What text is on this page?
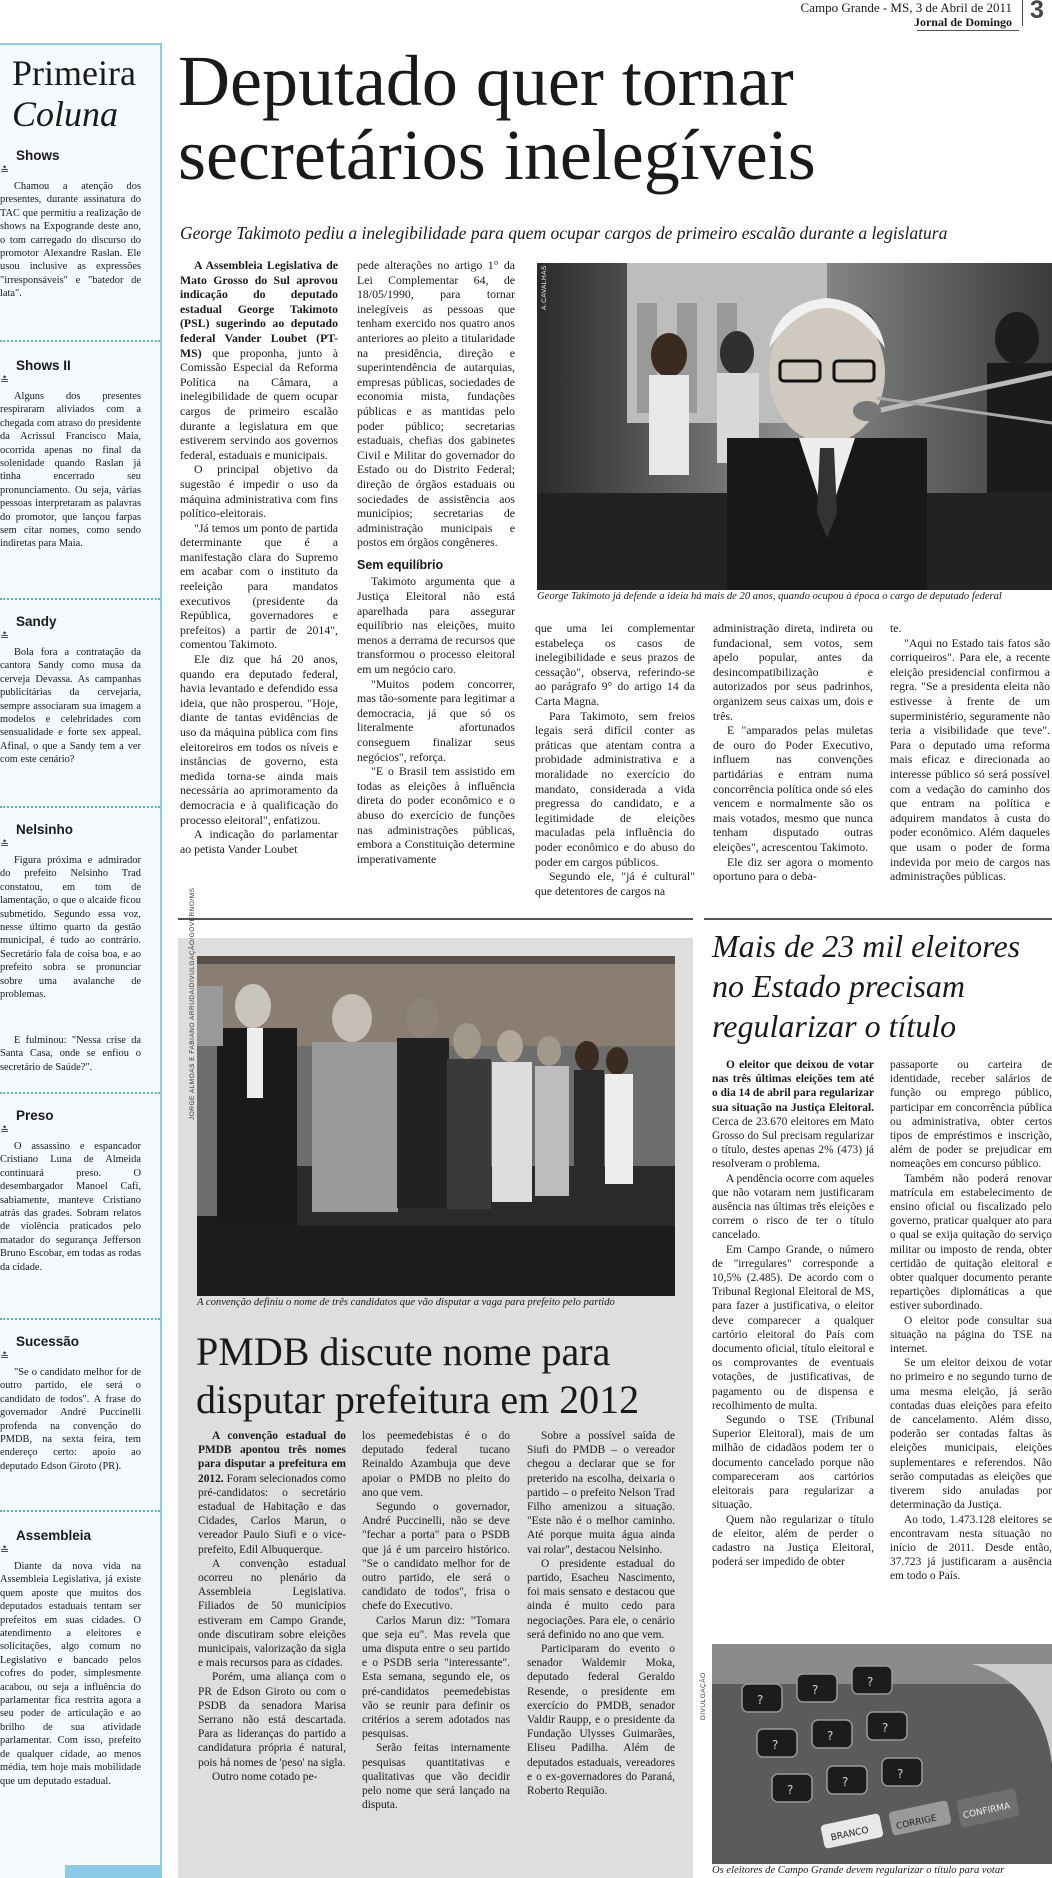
Campo Grande - MS, 3 de Abril de 2011
Jornal de Domingo 3
Primeira
Coluna
Shows
≛
Chamou a atenção dos presentes, durante assinatura do TAC que permitiu a realização de shows na Expogrande deste ano, o tom carregado do discurso do promotor Alexandre Raslan. Ele usou inclusive as expressões "irresponsáveis" e "batedor de lata".
Shows II
≛
Alguns dos presentes respiraram aliviados com a chegada com atraso do presidente da Acrissul Francisco Maia, ocorrida apenas no final da solenidade quando Raslan já tinha encerrado seu pronunciamento. Ou seja, várias pessoas interpretaram as palavras do promotor, que lançou farpas sem citar nomes, como sendo indiretas para Maia.
Sandy
≛
Bola fora a contratação da cantora Sandy como musa da cerveja Devassa. As campanhas publicitárias da cervejaria, sempre associaram sua imagem a modelos e celebridades com sensualidade e forte sex appeal. Afinal, o que a Sandy tem a ver com este cenário?
Nelsinho
≛
Figura próxima e admirador do prefeito Nelsinho Trad constatou, em tom de lamentação, o que o alcaide ficou submetido. Segundo essa voz, nesse último quarto da gestão municipal, é tudo ao contrário. Secretário fala de coisa boa, e ao prefeito sobra se pronunciar sobre uma avalanche de problemas.
E fulminou: "Nessa crise da Santa Casa, onde se enfiou o secretário de Saúde?".
Preso
≛
O assassino e espancador Cristiano Luna de Almeida continuará preso. O desembargador Manoel Cafi, sabiamente, manteve Cristiano atrás das grades. Sobram relatos de violência praticados pelo matador do segurança Jefferson Bruno Escobar, em todas as rodas da cidade.
Sucessão
≛
"Se o candidato melhor for de outro partido, ele será o candidato de todos". A frase do governador André Puccinelli profenda na convenção do PMDB, na sexta feira, tem endereço certo: apoio ao deputado Edson Giroto (PR).
Assembleia
≛
Diante da nova vida na Assembleia Legislativa, já existe quem aposte que muitos dos deputados estaduais tentam ser prefeitos em suas cidades. O atendimento a eleitores e solicitações, algo comum no Legislativo e bancado pelos cofres do poder, simplesmente acabou, ou seja a influência do parlamentar fica restrita agora a seu poder de articulação e ao brilho de sua atividade parlamentar. Com isso, prefeito de qualquer cidade, ao menos média, tem hoje mais mobilidade que um deputado estadual.
Deputado quer tornar secretários inelegíveis
George Takimoto pediu a inelegibilidade para quem ocupar cargos de primeiro escalão durante a legislatura

A Assembleia Legislativa de Mato Grosso do Sul aprovou indicação do deputado estadual George Takimoto (PSL) sugerindo ao deputado federal Vander Loubet (PT-MS) que proponha, junto à Comissão Especial da Reforma Política na Câmara, a inelegibilidade de quem ocupar cargos de primeiro escalão durante a legislatura em que estiverem servindo aos governos federal, estaduais e municipais.

O principal objetivo da sugestão é impedir o uso da máquina administrativa com fins político-eleitorais.

"Já temos um ponto de partida determinante que é a manifestação clara do Supremo em acabar com o instituto da reeleição para mandatos executivos (presidente da República, governadores e prefeitos) a partir de 2014", comentou Takimoto.

Ele diz que há 20 anos, quando era deputado federal, havia levantado e defendido essa ideia, que não prosperou. "Hoje, diante de tantas evidências de uso da máquina pública com fins eleitoreiros em todos os níveis e instâncias de governo, esta medida torna-se ainda mais necessária ao aprimoramento da democracia e à qualificação do processo eleitoral", enfatizou.

A indicação do parlamentar ao petista Vander Loubet

pede alterações no artigo 1° da Lei Complementar 64, de 18/05/1990, para tornar inelegíveis as pessoas que tenham exercido nos quatro anos anteriores ao pleito a titularidade na presidência, direção e superintendência de autarquias, empresas públicas, sociedades de economia mista, fundações públicas e as mantidas pelo poder público; secretarias estaduais, chefias dos gabinetes Civil e Militar do governador do Estado ou do Distrito Federal; direção de órgãos estaduais ou sociedades de assistência aos municípios; secretarias de administração municipais e postos em órgãos congêneres.

Sem equilíbrio

Takimoto argumenta que a Justiça Eleitoral não está aparelhada para assegurar equilíbrio nas eleições, muito menos a derrama de recursos que transformou o processo eleitoral em um negócio caro.

"Muitos podem concorrer, mas tão-somente para legitimar a democracia, já que só os literalmente afortunados conseguem finalizar seus negócios", reforça.

"E o Brasil tem assistido em todas as eleições à influência direta do poder econômico e o abuso do exercício de funções nas administrações públicas, embora a Constituição determine imperativamente

A.CAVALHAS
George Takimoto já defende a ideia há mais de 20 anos, quando ocupou à época o cargo de deputado federal

que uma lei complementar estabeleça os casos de inelegibilidade e seus prazos de cessação", observa, referindo-se ao parágrafo 9° do artigo 14 da Carta Magna.

Para Takimoto, sem freios legais será difícil conter as práticas que atentam contra a probidade administrativa e a moralidade no exercício do mandato, considerada a vida pregressa do candidato, e a legitimidade de eleições maculadas pela influência do poder econômico e do abuso do poder em cargos públicos.

Segundo ele, "já é cultural" que detentores de cargos na

administração direta, indireta ou fundacional, sem votos, sem apelo popular, antes da desincompatibilização e autorizados por seus padrinhos, organizem seus caixas um, dois e três.

E "amparados pelas muletas de ouro do Poder Executivo, influem nas convenções partidárias e entram numa concorrência política onde só eles vencem e normalmente são os mais votados, mesmo que nunca tenham disputado outras eleições", acrescentou Takimoto.

Ele diz ser agora o momento oportuno para o deba-

te.

"Aqui no Estado tais fatos são corriqueiros". Para ele, a recente eleição presidencial confirmou a regra. "Se a presidenta eleita não estivesse à frente de um superministério, seguramente não teria a visibilidade que teve". Para o deputado uma reforma mais eficaz e direcionada ao interesse público só será possível com a vedação do caminho dos que entram na política e adquirem mandatos à custa do poder econômico. Além daqueles que usam o poder de forma indevida por meio de cargos nas administrações públicas.

JORGE ALMOAS E FABIANO ARRUDA/DIVULGAÇÃO/GOVERNO/MS
A convenção definiu o nome de três candidatos que vão disputar a vaga para prefeito pelo partido
PMDB discute nome para disputar prefeitura em 2012

A convenção estadual do PMDB apontou três nomes para disputar a prefeitura em 2012. Foram selecionados como pré-candidatos: o secretário estadual de Habitação e das Cidades, Carlos Marun, o vereador Paulo Siufi e o vice-prefeito, Edil Albuquerque.

A convenção estadual ocorreu no plenário da Assembleia Legislativa. Filiados de 50 municípios estiveram em Campo Grande, onde discutiram sobre eleições municipais, valorização da sigla e mais recursos para as cidades.

Porém, uma aliança com o PR de Edson Giroto ou com o PSDB da senadora Marisa Serrano não está descartada. Para as lideranças do partido a candidatura própria é natural, pois há nomes de 'peso' na sigla.

Outro nome cotado pe-

los peemedebistas é o do deputado federal tucano Reinaldo Azambuja que deve apoiar o PMDB no pleito do ano que vem.

Segundo o governador, André Puccinelli, não se deve "fechar a porta" para o PSDB que já é um parceiro histórico. "Se o candidato melhor for de outro partido, ele será o candidato de todos", frisa o chefe do Executivo.

Carlos Marun diz: "Tomara que seja eu". Mas revela que uma disputa entre o seu partido e o PSDB seria "interessante". Esta semana, segundo ele, os pré-candidatos peemedebistas vão se reunir para definir os critérios a serem adotados nas pesquisas.

Serão feitas internamente pesquisas quantitativas e qualitativas que vão decidir pelo nome que será lançado na disputa.

Sobre a possível saída de Siufi do PMDB – o vereador chegou a declarar que se for preterido na escolha, deixaria o partido – o prefeito Nelson Trad Filho amenizou a situação. "Este não é o melhor caminho. Até porque muita água ainda vai rolar", destacou Nelsinho.

O presidente estadual do partido, Esacheu Nascimento, foi mais sensato e destacou que ainda é muito cedo para negociações. Para ele, o cenário será definido no ano que vem.

Participaram do evento o senador Waldemir Moka, deputado federal Geraldo Resende, o presidente em exercício do PMDB, senador Valdir Raupp, e o presidente da Fundação Ulysses Guimarães, Eliseu Padilha. Além de deputados estaduais, vereadores e o ex-governadores do Paraná, Roberto Requião.

Mais de 23 mil eleitores no Estado precisam regularizar o título

O eleitor que deixou de votar nas três últimas eleições tem até o dia 14 de abril para regularizar sua situação na Justiça Eleitoral. Cerca de 23.670 eleitores em Mato Grosso do Sul precisam regularizar o título, destes apenas 2% (473) já resolveram o problema.

A pendência ocorre com aqueles que não votaram nem justificaram ausência nas últimas três eleições e correm o risco de ter o título cancelado.

Em Campo Grande, o número de "irregulares" corresponde a 10,5% (2.485). De acordo com o Tribunal Regional Eleitoral de MS, para fazer a justificativa, o eleitor deve comparecer a qualquer cartório eleitoral do País com documento oficial, título eleitoral e os comprovantes de eventuais votações, de justificativas, de pagamento ou de dispensa e recolhimento de multa.

Segundo o TSE (Tribunal Superior Eleitoral), mais de um milhão de cidadãos podem ter o documento cancelado porque não compareceram aos cartórios eleitorais para regularizar a situação.

Quem não regularizar o título de eleitor, além de perder o cadastro na Justiça Eleitoral, poderá ser impedido de obter

passaporte ou carteira de identidade, receber salários de função ou emprego público, participar em concorrência pública ou administrativa, obter certos tipos de empréstimos e inscrição, além de poder se prejudicar em nomeações em concurso público.

Também não poderá renovar matrícula em estabelecimento de ensino oficial ou fiscalizado pelo governo, praticar qualquer ato para o qual se exija quitação do serviço militar ou imposto de renda, obter certidão de quitação eleitoral e obter qualquer documento perante repartições diplomáticas a que estiver subordinado.

O eleitor pode consultar sua situação na página do TSE na internet.

Se um eleitor deixou de votar no primeiro e no segundo turno de uma mesma eleição, já serão contadas duas eleições para efeito de cancelamento. Além disso, poderão ser contadas faltas às eleições municipais, eleições suplementares e referendos. Não serão computadas as eleições que tiverem sido anuladas por determinação da Justiça.

Ao todo, 1.473.128 eleitores se encontravam nesta situação no início de 2011. Desde então, 37.723 já justificaram a ausência em todo o País.

?
?
?
?
?
?
?
?
?
BRANCO
CORRIGE
CONFIRMA
DIVULGAÇÃO
Os eleitores de Campo Grande devem regularizar o título para votar
